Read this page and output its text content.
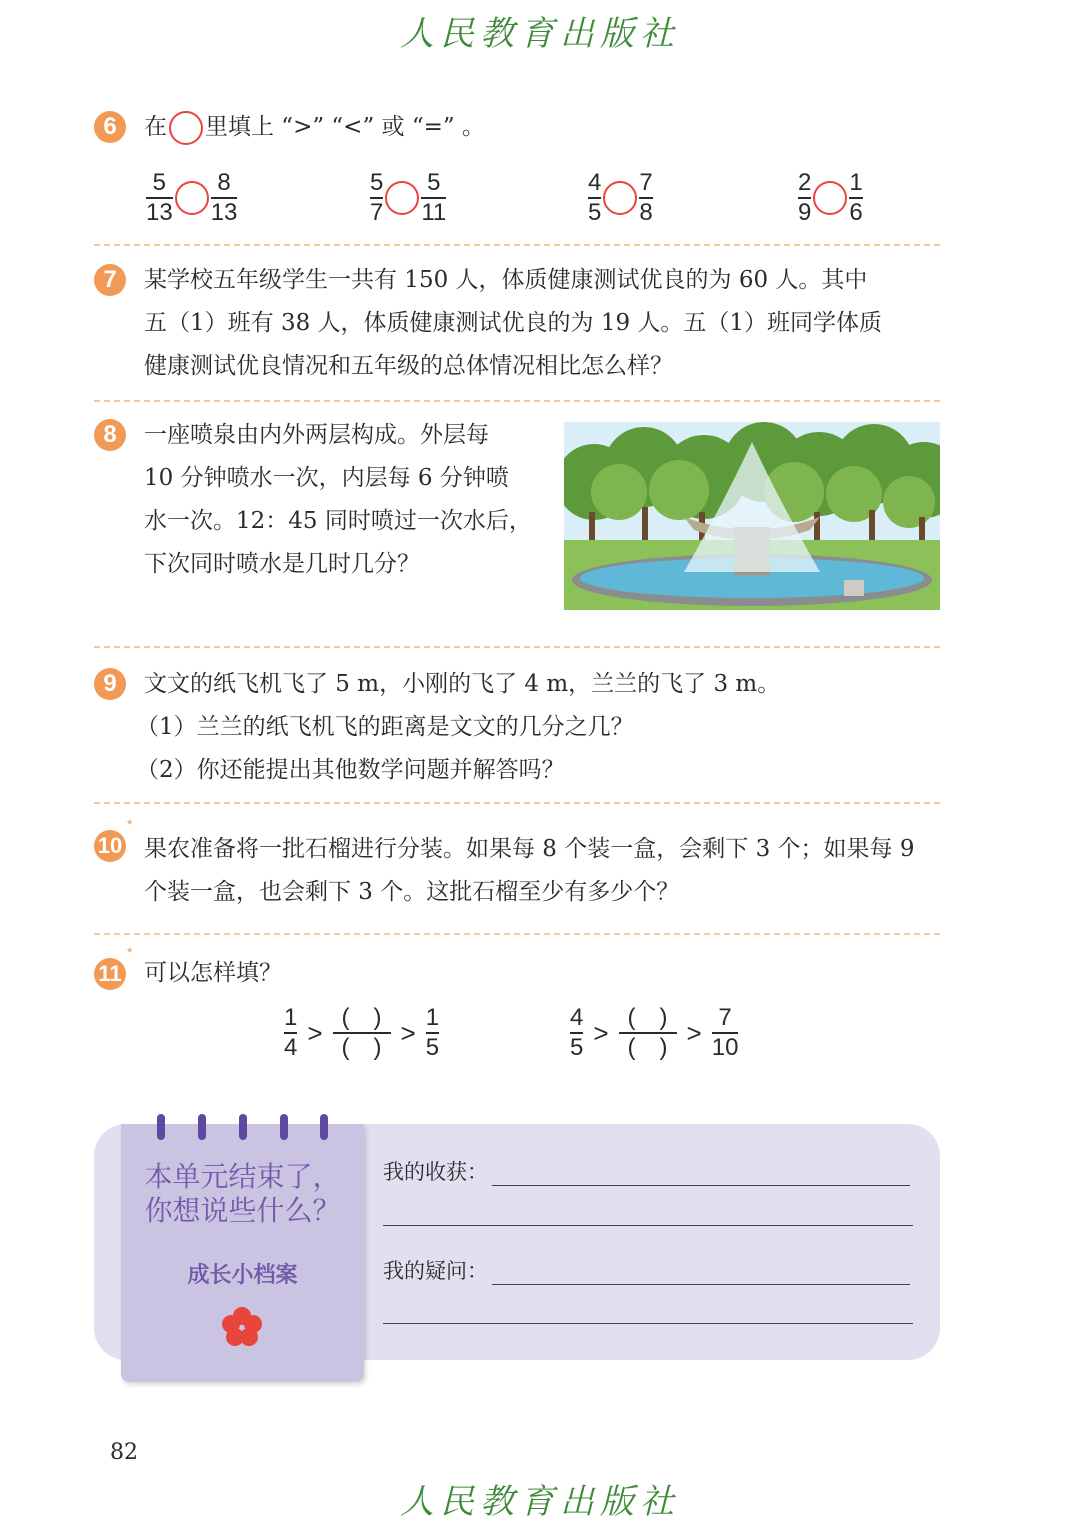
人民教育出版社
6	在 里填上 “>” “<” 或 “=” 。
$\frac{5}{13} \frac{8}{13}$	$\frac{5}{7} \frac{5}{11}$	$\frac{4}{5} \frac{7}{8}$	$\frac{2}{9} \frac{1}{6}$
7	某学校五年级学生一共有 150 人，体质健康测试优良的为 60 人。其中
五（1）班有 38 人，体质健康测试优良的为 19 人。五（1）班同学体质
健康测试优良情况和五年级的总体情况相比怎么样？
8	一座喷泉由内外两层构成。外层每
10 分钟喷水一次，内层每 6 分钟喷
水一次。12：45 同时喷过一次水后，
下次同时喷水是几时几分？
9	文文的纸飞机飞了 5 m，小刚的飞了 4 m，兰兰的飞了 3 m。
（1）兰兰的纸飞机飞的距离是文文的几分之几？
（2）你还能提出其他数学问题并解答吗？
10
*
果农准备将一批石榴进行分装。如果每 8 个装一盒，会剩下 3 个；如果每 9
个装一盒，也会剩下 3 个。这批石榴至少有多少个？
11
*
可以怎样填？
$\frac{1}{4} > \frac{( )}{( )} > \frac{1}{5}$	$\frac{4}{5} > \frac{( )}{( )} > \frac{7}{10}$
本单元结束了，
你想说些什么？
成长小档案
我的收获：
我的疑问：
82
人民教育出版社
